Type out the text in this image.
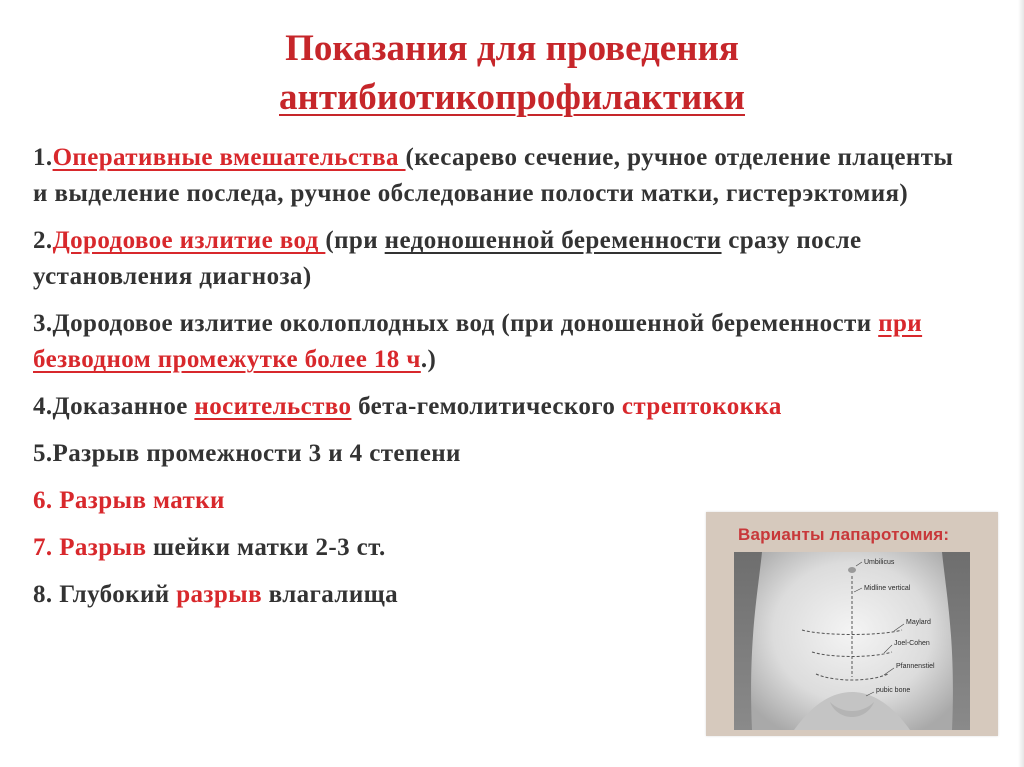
Показания для проведения
антибиотикопрофилактики
1.Оперативные вмешательства (кесарево сечение, ручное отделение плаценты и выделение последа, ручное обследование полости матки, гистерэктомия)
2.Дородовое излитие вод (при недоношенной беременности сразу после установления диагноза)
3.Дородовое излитие околоплодных вод (при доношенной беременности при безводном промежутке более 18 ч.)
4.Доказанное носительство бета-гемолитического стрептококка
5.Разрыв промежности 3 и 4 степени
6. Разрыв матки
7. Разрыв шейки матки 2-3 ст.
8. Глубокий разрыв влагалища
Варианты лапаротомия:
Umbilicus
Midline vertical
Maylard
Joel-Cohen
Pfannenstiel
pubic bone
